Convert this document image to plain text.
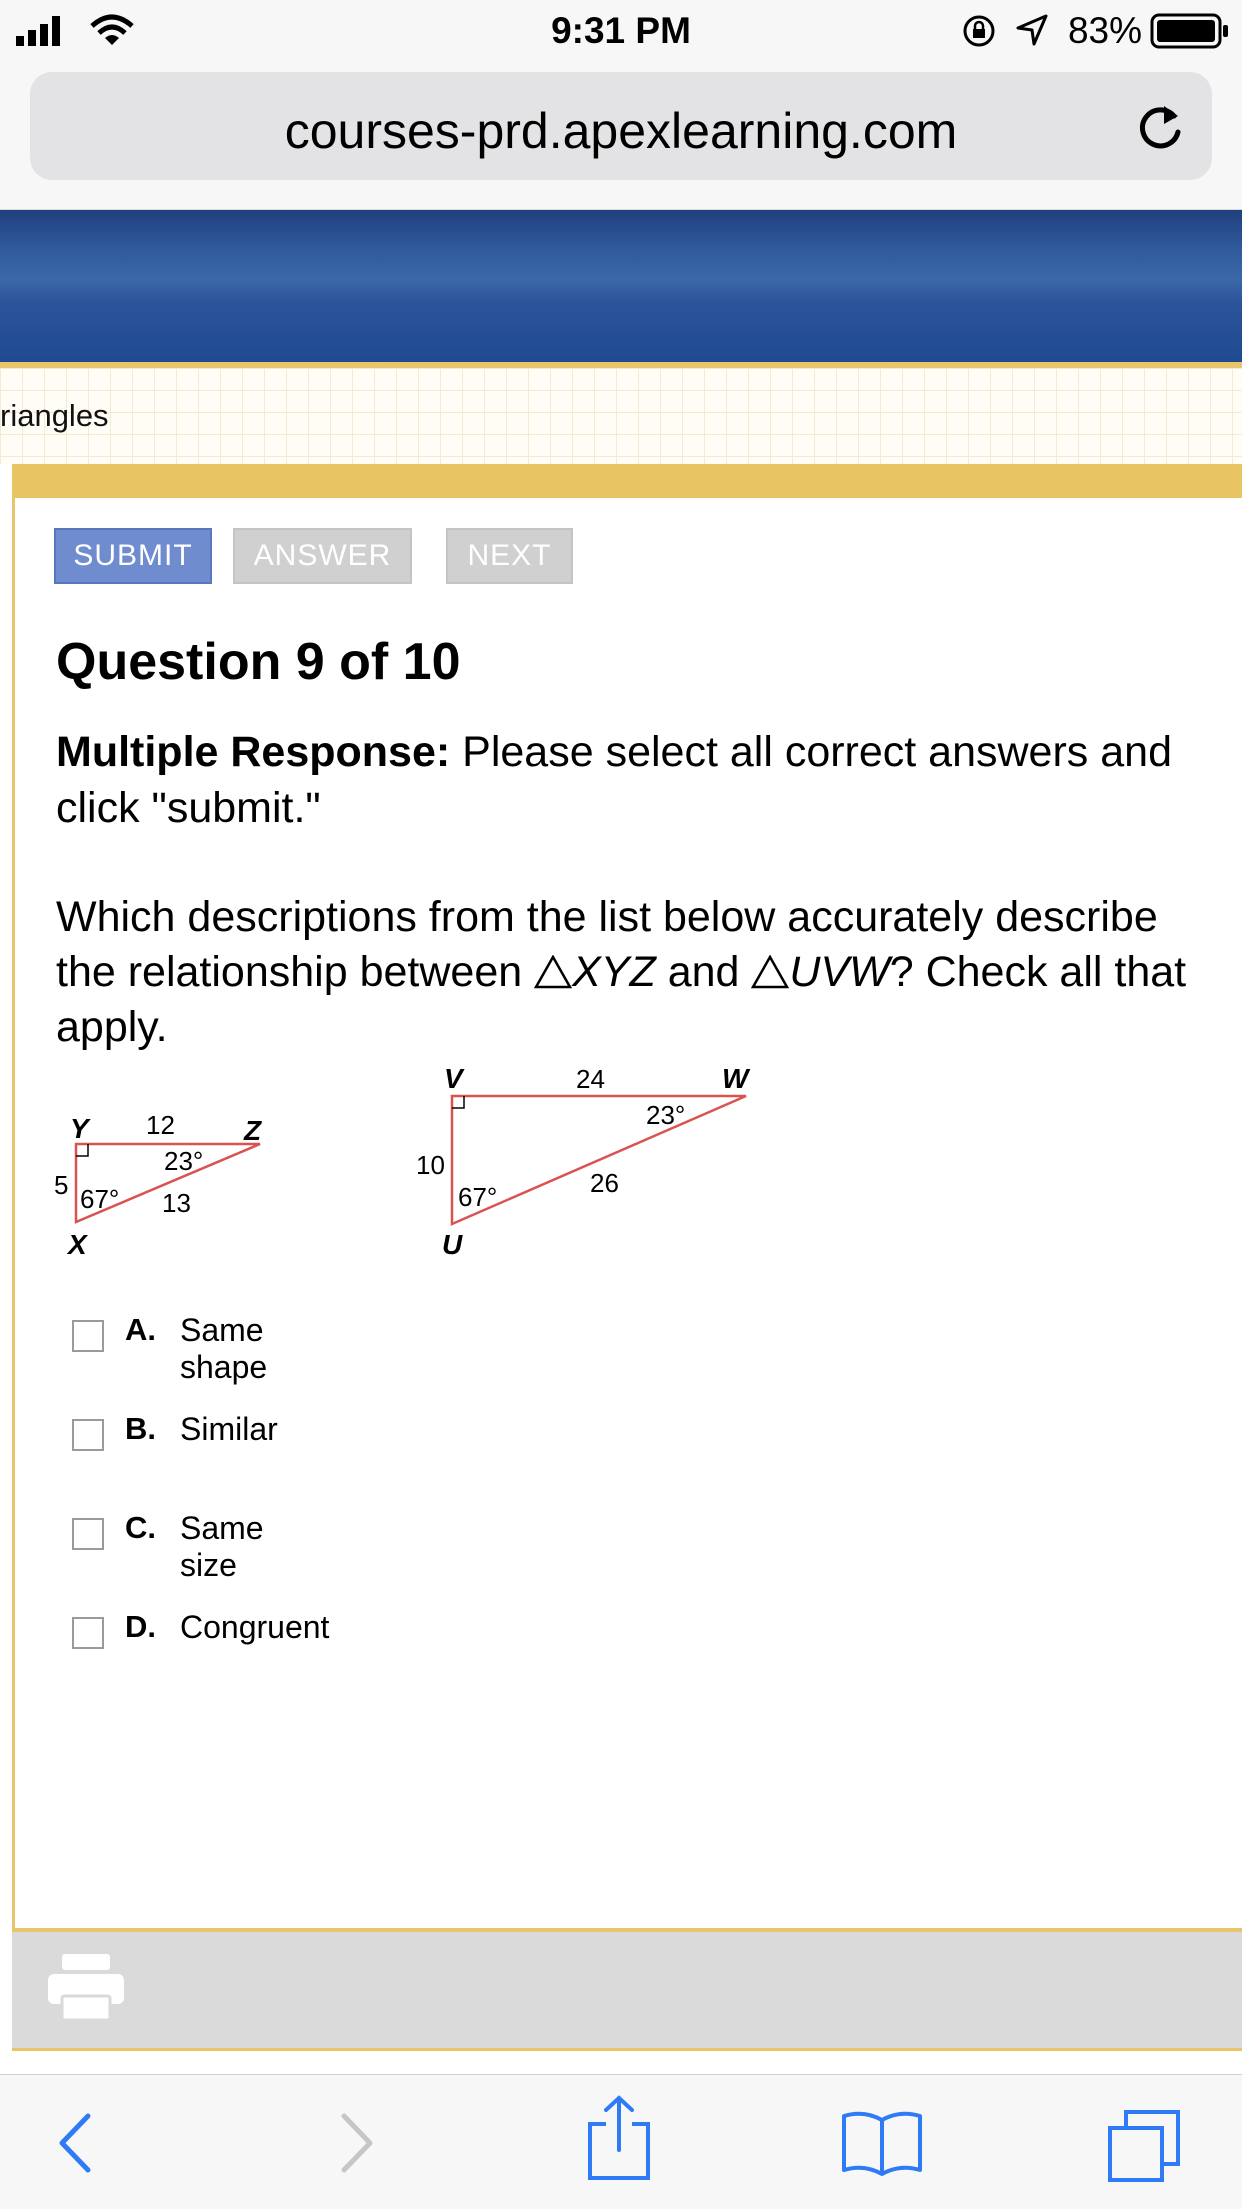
9:31 PM	83%
courses-prd.apexlearning.com
riangles
SUBMIT	ANSWER	NEXT
Question 9 of 10
Multiple Response: Please select all correct answers and click "submit."
Which descriptions from the list below accurately describe the relationship between XYZ and UVW? Check all that apply.
Y	Z
X
12
5
13
23°
67°
V	W
U
24
10
26
23°
67°
A. Same shape
B. Similar
C. Same size
D. Congruent
